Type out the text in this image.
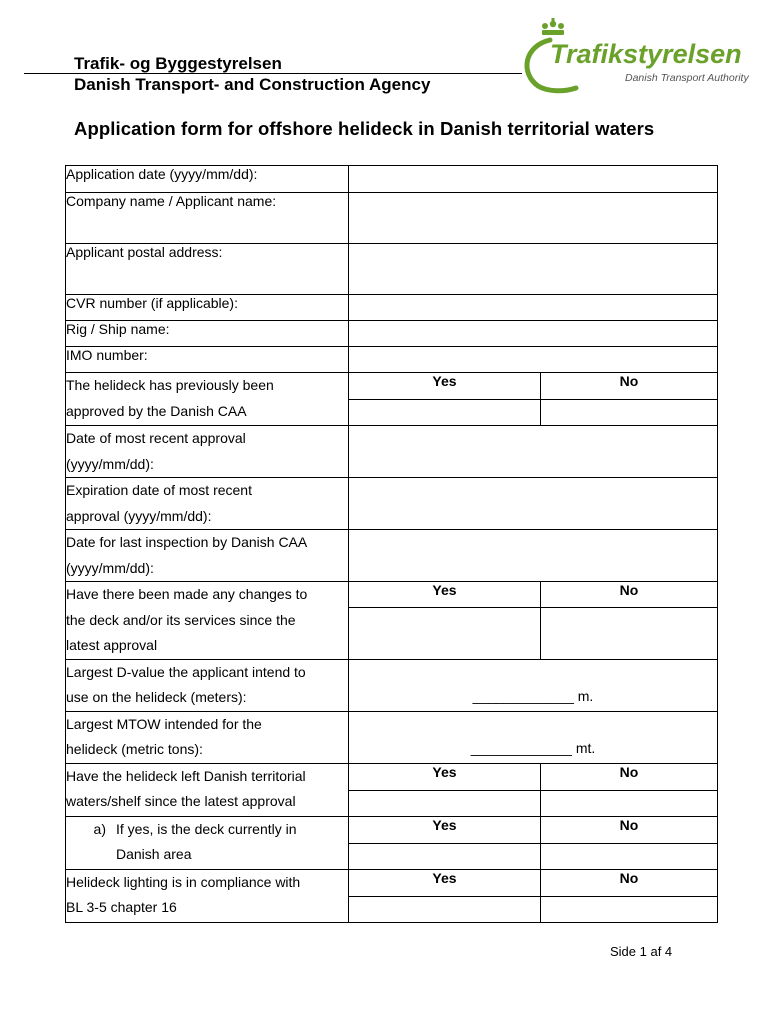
Trafik- og Byggestyrelsen
Danish Transport- and Construction Agency
Trafikstyrelsen
Danish Transport Authority
Application form for offshore helideck in Danish territorial waters
Application date (yyyy/mm/dd):		
Company name / Applicant name:		
Applicant postal address:		
CVR number (if applicable):		
Rig / Ship name:		
IMO number:		

The helideck has previously been
approved by the Danish CAA	Yes	No

Date of most recent approval
(yyyy/mm/dd):		

Expiration date of most recent
approval (yyyy/mm/dd):		

Date for last inspection by Danish CAA
(yyyy/mm/dd):		

Have there been made any changes to
the deck and/or its services since the
latest approval	Yes	No

Largest D-value the applicant intend to
use on the helideck (meters):	_____________ m.	

Largest MTOW intended for the
helideck (metric tons):	_____________ mt.	

Have the helideck left Danish territorial
waters/shelf since the latest approval	Yes	No

a) If yes, is the deck currently in
Danish area	Yes	No

Helideck lighting is in compliance with
BL 3-5 chapter 16	Yes	No

Side 1 af 4
